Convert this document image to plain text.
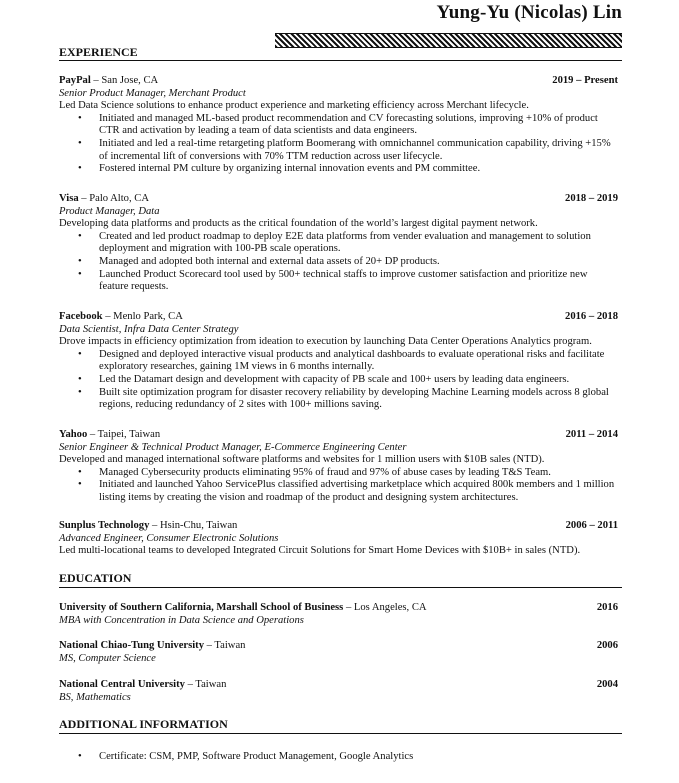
Yung-Yu (Nicolas) Lin
EXPERIENCE
PayPal – San Jose, CA	2019 – Present
Senior Product Manager, Merchant Product
Led Data Science solutions to enhance product experience and marketing efficiency across Merchant lifecycle.
• Initiated and managed ML-based product recommendation and CV forecasting solutions, improving +10% of product CTR and activation by leading a team of data scientists and data engineers.
• Initiated and led a real-time retargeting platform Boomerang with omnichannel communication capability, driving +15% of incremental lift of conversions with 70% TTM reduction across user lifecycle.
• Fostered internal PM culture by organizing internal innovation events and PM committee.
Visa – Palo Alto, CA	2018 – 2019
Product Manager, Data
Developing data platforms and products as the critical foundation of the world’s largest digital payment network.
• Created and led product roadmap to deploy E2E data platforms from vender evaluation and management to solution deployment and migration with 100-PB scale operations.
• Managed and adopted both internal and external data assets of 20+ DP products.
• Launched Product Scorecard tool used by 500+ technical staffs to improve customer satisfaction and prioritize new feature requests.
Facebook – Menlo Park, CA	2016 – 2018
Data Scientist, Infra Data Center Strategy
Drove impacts in efficiency optimization from ideation to execution by launching Data Center Operations Analytics program.
• Designed and deployed interactive visual products and analytical dashboards to evaluate operational risks and facilitate exploratory researches, gaining 1M views in 6 months internally.
• Led the Datamart design and development with capacity of PB scale and 100+ users by leading data engineers.
• Built site optimization program for disaster recovery reliability by developing Machine Learning models across 8 global regions, reducing redundancy of 2 sites with 100+ millions saving.
Yahoo – Taipei, Taiwan	2011 – 2014
Senior Engineer & Technical Product Manager, E-Commerce Engineering Center
Developed and managed international software platforms and websites for 1 million users with $10B sales (NTD).
• Managed Cybersecurity products eliminating 95% of fraud and 97% of abuse cases by leading T&S Team.
• Initiated and launched Yahoo ServicePlus classified advertising marketplace which acquired 800k members and 1 million listing items by creating the vision and roadmap of the product and designing system architectures.
Sunplus Technology – Hsin-Chu, Taiwan	2006 – 2011
Advanced Engineer, Consumer Electronic Solutions
Led multi-locational teams to developed Integrated Circuit Solutions for Smart Home Devices with $10B+ in sales (NTD).
EDUCATION
University of Southern California, Marshall School of Business – Los Angeles, CA	2016
MBA with Concentration in Data Science and Operations
National Chiao-Tung University – Taiwan	2006
MS, Computer Science
National Central University – Taiwan	2004
BS, Mathematics
ADDITIONAL INFORMATION
• Certificate: CSM, PMP, Software Product Management, Google Analytics
